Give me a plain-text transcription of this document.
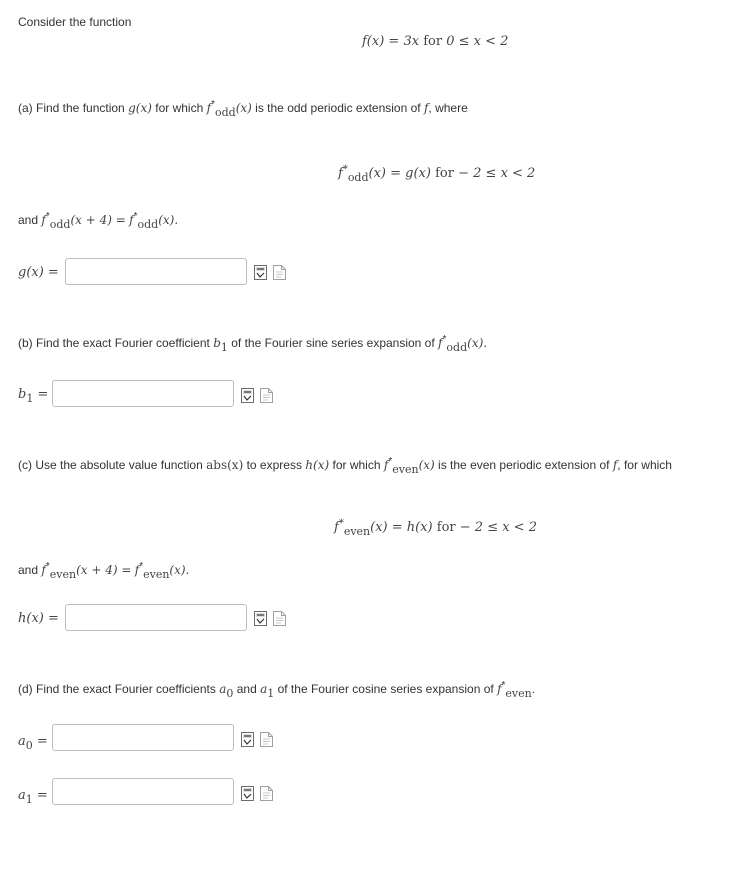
Consider the function
f(x) = 3x for 0 ≤ x < 2
(a) Find the function g(x) for which f*odd(x) is the odd periodic extension of f, where
$f^*_{odd}(x) = g(x)$ for − 2 ≤ x < 2
and f*odd(x + 4) = f*odd(x).
g(x) =
(b) Find the exact Fourier coefficient b1 of the Fourier sine series expansion of f*odd(x).
$b_1$ =
(c) Use the absolute value function abs(x) to express h(x) for which f*even(x) is the even periodic extension of f, for which
$f^*_{even}(x) = h(x)$ for − 2 ≤ x < 2
and f*even(x + 4) = f*even(x).
h(x) =
(d) Find the exact Fourier coefficients a0 and a1 of the Fourier cosine series expansion of f*even.
$a_0$ =
$a_1$ =
